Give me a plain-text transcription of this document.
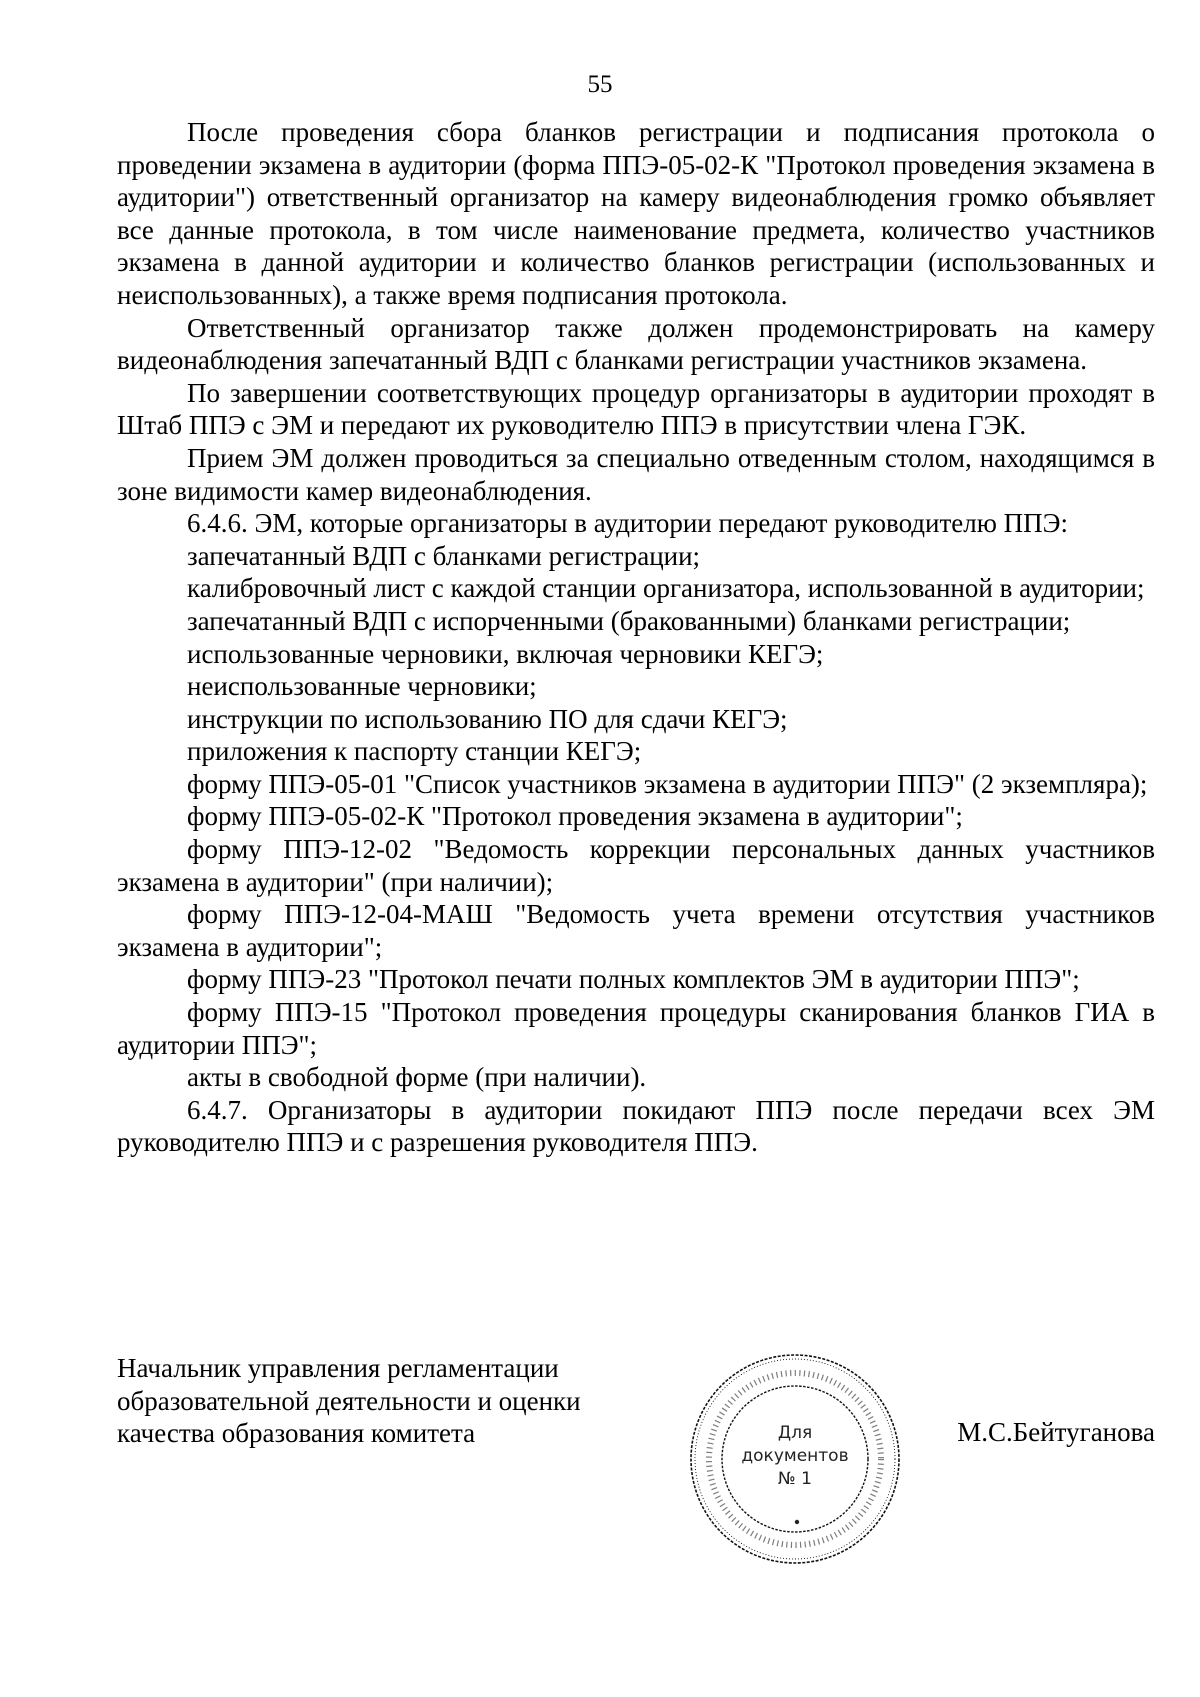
55

После проведения сбора бланков регистрации и подписания протокола о проведении экзамена в аудитории (форма ППЭ-05-02-К "Протокол проведения экзамена в аудитории") ответственный организатор на камеру видеонаблюдения громко объявляет все данные протокола, в том числе наименование предмета, количество участников экзамена в данной аудитории и количество бланков регистрации (использованных и неиспользованных), а также время подписания протокола.

Ответственный организатор также должен продемонстрировать на камеру видеонаблюдения запечатанный ВДП с бланками регистрации участников экзамена.

По завершении соответствующих процедур организаторы в аудитории проходят в Штаб ППЭ с ЭМ и передают их руководителю ППЭ в присутствии члена ГЭК.

Прием ЭМ должен проводиться за специально отведенным столом, находящимся в зоне видимости камер видеонаблюдения.

6.4.6. ЭМ, которые организаторы в аудитории передают руководителю ППЭ:

запечатанный ВДП с бланками регистрации;

калибровочный лист с каждой станции организатора, использованной в аудитории;

запечатанный ВДП с испорченными (бракованными) бланками регистрации;

использованные черновики, включая черновики КЕГЭ;

неиспользованные черновики;

инструкции по использованию ПО для сдачи КЕГЭ;

приложения к паспорту станции КЕГЭ;

форму ППЭ-05-01 "Список участников экзамена в аудитории ППЭ" (2 экземпляра);

форму ППЭ-05-02-К "Протокол проведения экзамена в аудитории";

форму ППЭ-12-02 "Ведомость коррекции персональных данных участников экзамена в аудитории" (при наличии);

форму ППЭ-12-04-МАШ "Ведомость учета времени отсутствия участников экзамена в аудитории";

форму ППЭ-23 "Протокол печати полных комплектов ЭМ в аудитории ППЭ";

форму ППЭ-15 "Протокол проведения процедуры сканирования бланков ГИА в аудитории ППЭ";

акты в свободной форме (при наличии).

6.4.7. Организаторы в аудитории покидают ППЭ после передачи всех ЭМ руководителю ППЭ и с разрешения руководителя ППЭ.

Начальник управления регламентации
образовательной деятельности и оценки
качества образования комитета	Для
документов
№ 1
М.С.Бейтуганова
